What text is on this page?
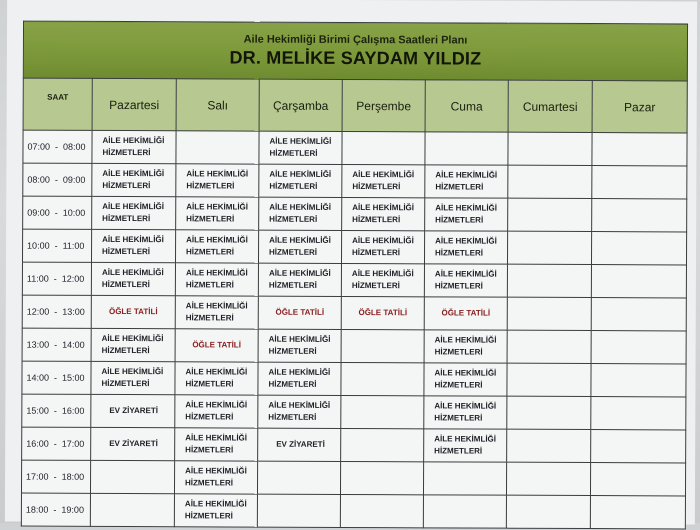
Aile Hekimliği Birimi Çalışma Saatleri Planı
DR. MELİKE SAYDAM YILDIZ							

SAAT	Pazartesi	Salı	Çarşamba	Perşembe	Cuma	Cumartesi	Pazar
07:00  -  08:00	AİLE HEKİMLİĞİ
HİZMETLERİ		AİLE HEKİMLİĞİ
HİZMETLERİ				
08:00  -  09:00	AİLE HEKİMLİĞİ
HİZMETLERİ	AİLE HEKİMLİĞİ
HİZMETLERİ	AİLE HEKİMLİĞİ
HİZMETLERİ	AİLE HEKİMLİĞİ
HİZMETLERİ	AİLE HEKİMLİĞİ
HİZMETLERİ		
09:00  -  10:00	AİLE HEKİMLİĞİ
HİZMETLERİ	AİLE HEKİMLİĞİ
HİZMETLERİ	AİLE HEKİMLİĞİ
HİZMETLERİ	AİLE HEKİMLİĞİ
HİZMETLERİ	AİLE HEKİMLİĞİ
HİZMETLERİ		
10:00  -  11:00	AİLE HEKİMLİĞİ
HİZMETLERİ	AİLE HEKİMLİĞİ
HİZMETLERİ	AİLE HEKİMLİĞİ
HİZMETLERİ	AİLE HEKİMLİĞİ
HİZMETLERİ	AİLE HEKİMLİĞİ
HİZMETLERİ		
11:00  -  12:00	AİLE HEKİMLİĞİ
HİZMETLERİ	AİLE HEKİMLİĞİ
HİZMETLERİ	AİLE HEKİMLİĞİ
HİZMETLERİ	AİLE HEKİMLİĞİ
HİZMETLERİ	AİLE HEKİMLİĞİ
HİZMETLERİ		
12:00  -  13:00	ÖĞLE TATİLİ	AİLE HEKİMLİĞİ
HİZMETLERİ	ÖĞLE TATİLİ	ÖĞLE TATİLİ	ÖĞLE TATİLİ		
13:00  -  14:00	AİLE HEKİMLİĞİ
HİZMETLERİ	ÖĞLE TATİLİ	AİLE HEKİMLİĞİ
HİZMETLERİ		AİLE HEKİMLİĞİ
HİZMETLERİ		
14:00  -  15:00	AİLE HEKİMLİĞİ
HİZMETLERİ	AİLE HEKİMLİĞİ
HİZMETLERİ	AİLE HEKİMLİĞİ
HİZMETLERİ		AİLE HEKİMLİĞİ
HİZMETLERİ		
15:00  -  16:00	EV ZİYARETİ	AİLE HEKİMLİĞİ
HİZMETLERİ	AİLE HEKİMLİĞİ
HİZMETLERİ		AİLE HEKİMLİĞİ
HİZMETLERİ		
16:00  -  17:00	EV ZİYARETİ	AİLE HEKİMLİĞİ
HİZMETLERİ	EV ZİYARETİ		AİLE HEKİMLİĞİ
HİZMETLERİ		
17:00  -  18:00		AİLE HEKİMLİĞİ
HİZMETLERİ					
18:00  -  19:00		AİLE HEKİMLİĞİ
HİZMETLERİ					
